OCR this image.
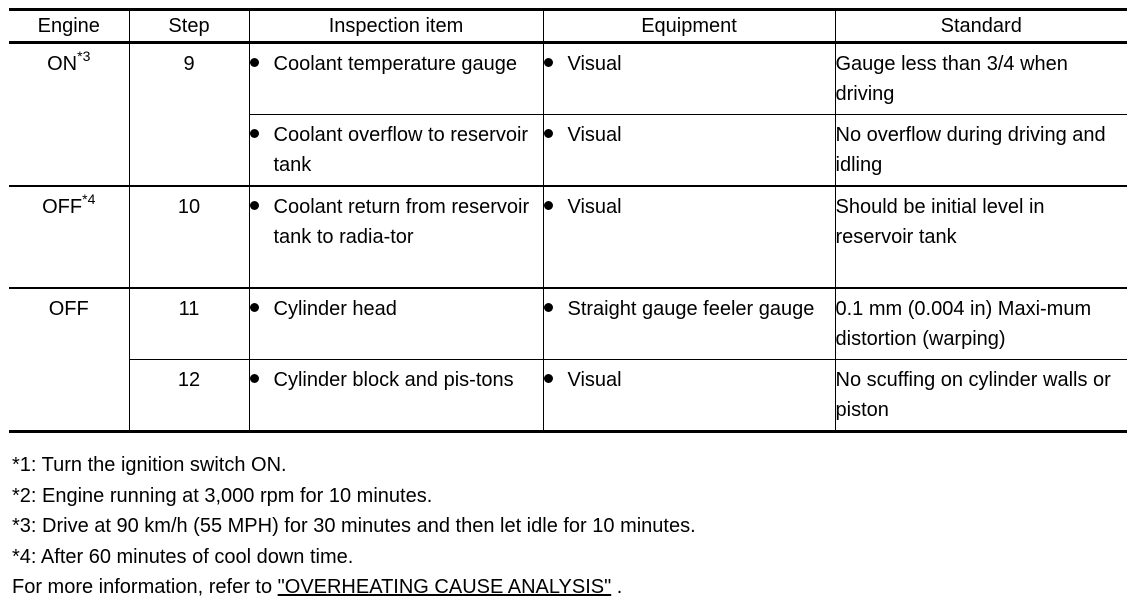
Engine	Step	Inspection item	Equipment	Standard
ON$^{*3}$	9	Coolant temperature gauge	Visual	Gauge less than 3/4 when driving

		Coolant overflow to reservoir tank	Visual	No overflow during driving and idling
OFF$^{*4}$	10	Coolant return from reservoir tank to radia-tor	Visual	Should be initial level in reservoir tank
OFF	11	Cylinder head	Straight gauge feeler gauge	0.1 mm (0.004 in) Maxi-mum distortion (warping)
	12	Cylinder block and pis-tons	Visual	No scuffing on cylinder walls or piston
*1: Turn the ignition switch ON.
*2: Engine running at 3,000 rpm for 10 minutes.
*3: Drive at 90 km/h (55 MPH) for 30 minutes and then let idle for 10 minutes.
*4: After 60 minutes of cool down time.
For more information, refer to "OVERHEATING CAUSE ANALYSIS" .
